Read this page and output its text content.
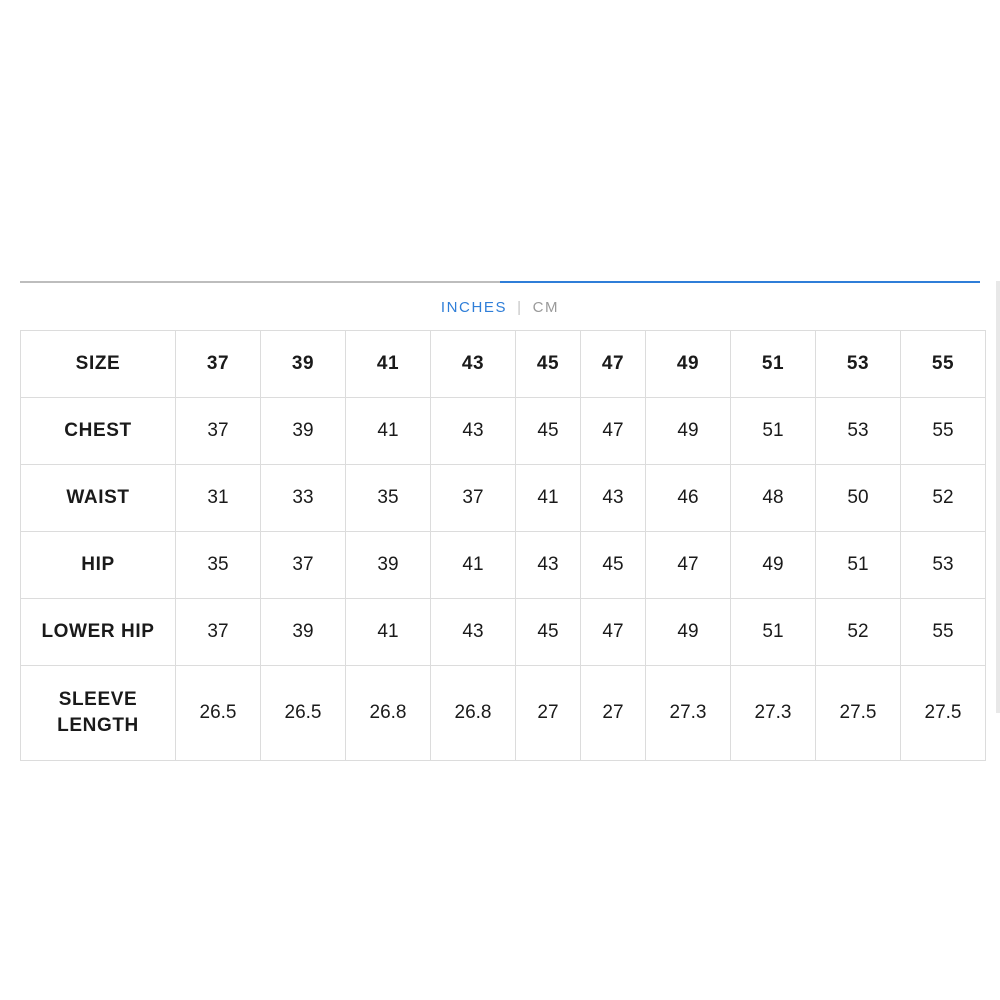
INCHES | CM
SIZE	37	39	41	43	45	47	49	51	53	55
CHEST	37	39	41	43	45	47	49	51	53	55
WAIST	31	33	35	37	41	43	46	48	50	52
HIP	35	37	39	41	43	45	47	49	51	53
LOWER HIP	37	39	41	43	45	47	49	51	52	55
SLEEVE LENGTH	26.5	26.5	26.8	26.8	27	27	27.3	27.3	27.5	27.5
